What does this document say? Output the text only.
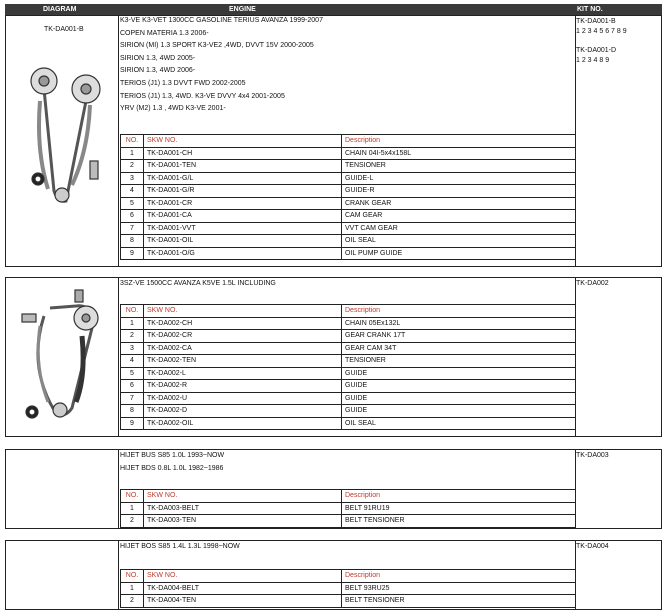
DIAGRAM	ENGINE	KIT NO.
TK-DA001-B
K3-VE K3-VET 1300CC GASOLINE TERIUS AVANZA 1999-2007
COPEN MATERIA 1.3 2006-
SIRION (MI) 1.3 SPORT K3-VE2 ,4WD, DVVT 15V 2000-2005
SIRION 1.3, 4WD 2005-
SIRION 1.3, 4WD 2006-
TERIOS (J1) 1.3 DVVT FWD 2002-2005
TERIOS (J1) 1.3, 4WD. K3-VE DVVY 4x4 2001-2005
YRV (M2) 1.3 , 4WD K3-VE 2001-
TK-DA001-B
1 2 3 4 5 6 7 8 9
TK-DA001-D
1 2 3 4 8 9
NO.	SKW NO.	Description
1	TK-DA001-CH	CHAIN 04I-5x4x158L
2	TK-DA001-TEN	TENSIONER
3	TK-DA001-G/L	GUIDE-L
4	TK-DA001-G/R	GUIDE-R
5	TK-DA001-CR	CRANK GEAR
6	TK-DA001-CA	CAM GEAR
7	TK-DA001-VVT	VVT CAM GEAR
8	TK-DA001-OIL	OIL SEAL
9	TK-DA001-O/G	OIL PUMP GUIDE
3SZ-VE 1500CC AVANZA K5VE 1.5L INCLUDING	TK-DA002
NO.	SKW NO.	Description
1	TK-DA002-CH	CHAIN 05Ex132L
2	TK-DA002-CR	GEAR CRANK 17T
3	TK-DA002-CA	GEAR CAM 34T
4	TK-DA002-TEN	TENSIONER
5	TK-DA002-L	GUIDE
6	TK-DA002-R	GUIDE
7	TK-DA002-U	GUIDE
8	TK-DA002-D	GUIDE
9	TK-DA002-OIL	OIL SEAL
HIJET BUS S85 1.0L 1993~NOW
HIJET BDS 0.8L 1.0L 1982~1986
TK-DA003
NO.	SKW NO.	Description
1	TK-DA003-BELT	BELT 91RU19
2	TK-DA003-TEN	BELT TENSIONER
HIJET BOS S85 1.4L 1.3L 1998~NOW	TK-DA004
NO.	SKW NO.	Description
1	TK-DA004-BELT	BELT 93RU25
2	TK-DA004-TEN	BELT TENSIONER
